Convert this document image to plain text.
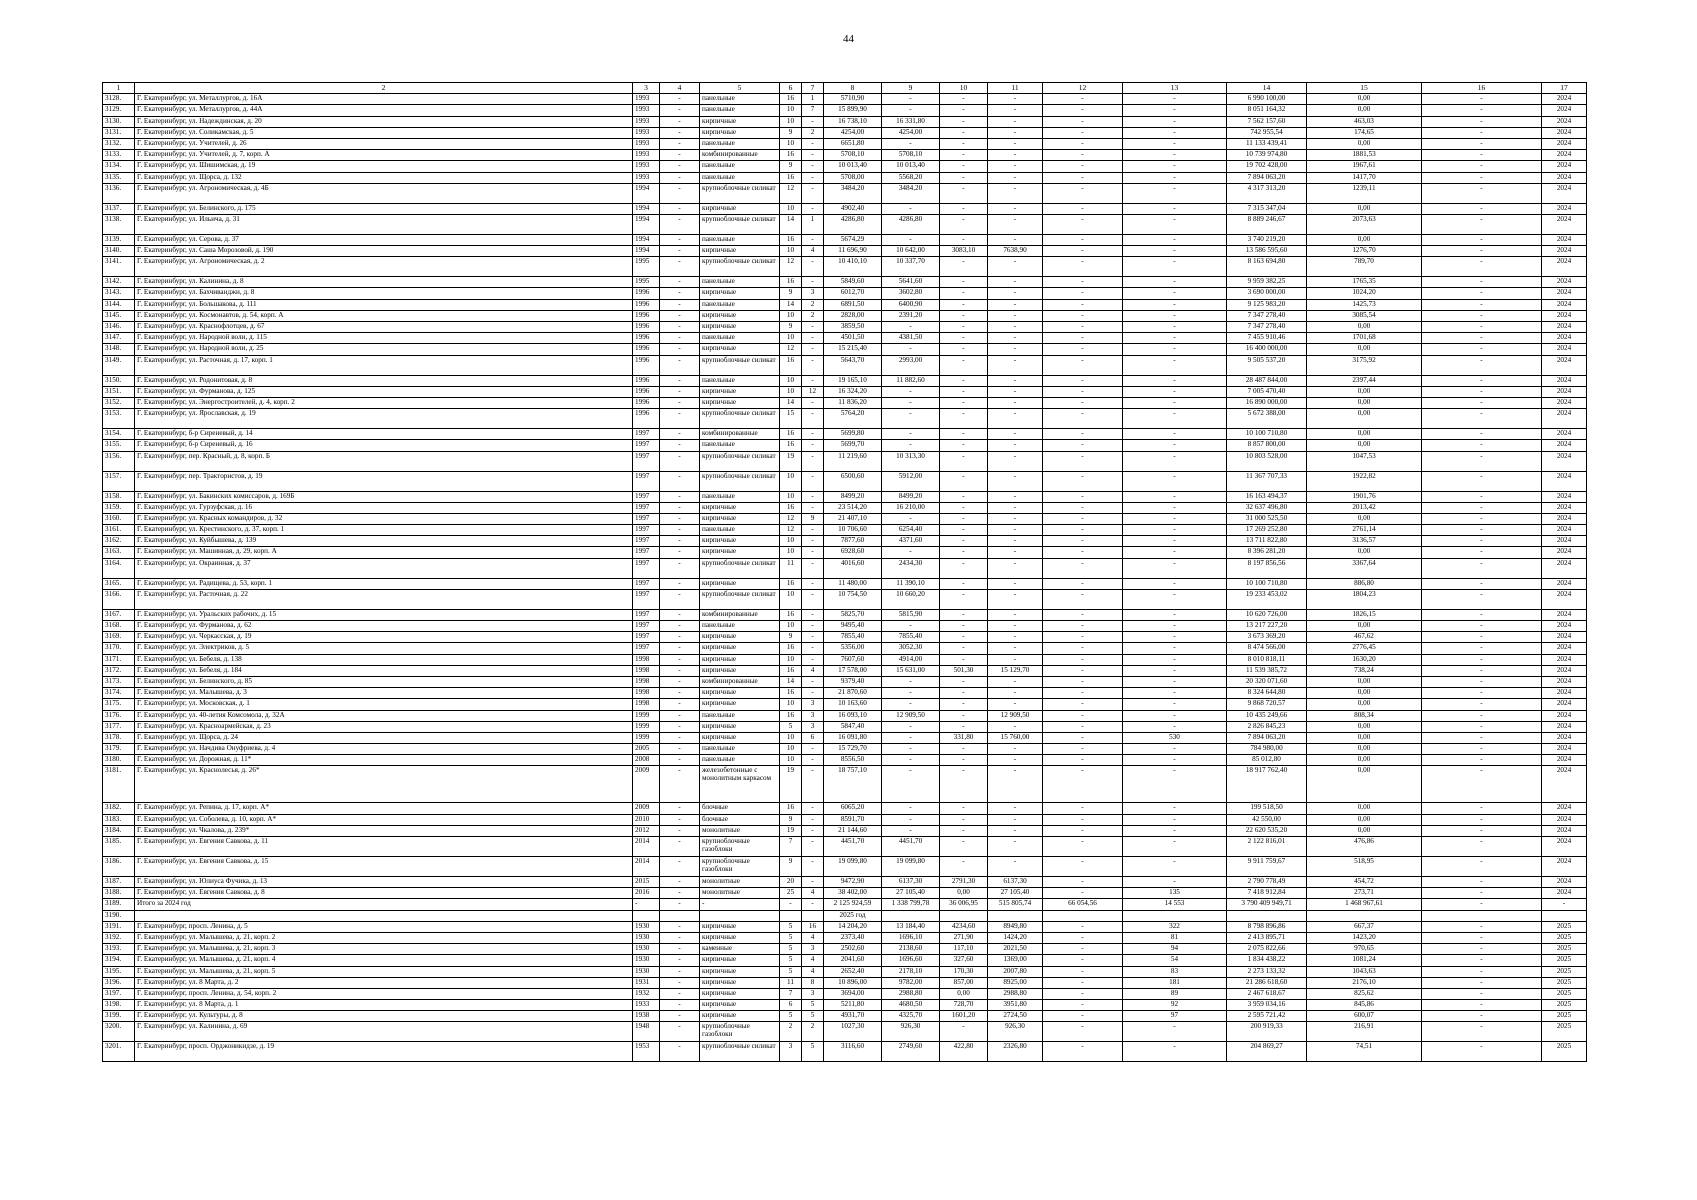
44
1	2	3	4	5	6	7	8	9	10	11	12	13	14	15	16	17
3128.	Г. Екатеринбург, ул. Металлургов, д. 16А	1993	-	панельные	16	1	5710,90	-	-	-	-	-	6 990 100,00	0,00	-	2024
3129.	Г. Екатеринбург, ул. Металлургов, д. 44А	1993	-	панельные	10	7	15 899,90	-	-	-	-	-	8 051 164,32	0,00	-	2024
3130.	Г. Екатеринбург, ул. Надеждинская, д. 20	1993	-	кирпичные	10	-	16 738,10	16 331,80	-	-	-	-	7 562 157,60	463,03	-	2024
3131.	Г. Екатеринбург, ул. Соликамская, д. 5	1993	-	кирпичные	9	2	4254,00	4254,00	-	-	-	-	742 955,54	174,65	-	2024
3132.	Г. Екатеринбург, ул. Учителей, д. 26	1993	-	панельные	10	-	6651,80	-	-	-	-	-	11 133 439,41	0,00	-	2024
3133.	Г. Екатеринбург, ул. Учителей, д. 7, корп. А	1993	-	комбинированные	16	-	5708,10	5708,10	-	-	-	-	10 739 974,80	1881,53	-	2024
3134.	Г. Екатеринбург, ул. Шишимская, д. 19	1993	-	панельные	9	-	10 013,40	10 013,40	-	-	-	-	19 702 428,00	1967,61	-	2024
3135.	Г. Екатеринбург, ул. Щорса, д. 132	1993	-	панельные	16	-	5708,00	5568,20	-	-	-	-	7 894 063,20	1417,70	-	2024
3136.	Г. Екатеринбург, ул. Агрономическая, д. 4Б	1994	-	крупноблочные силикат	12	-	3484,20	3484,20	-	-	-	-	4 317 313,20	1239,11	-	2024
3137.	Г. Екатеринбург, ул. Белинского, д. 175	1994	-	кирпичные	10	-	4902,40	-	-	-	-	-	7 315 347,04	0,00	-	2024
3138.	Г. Екатеринбург, ул. Ильича, д. 31	1994	-	крупноблочные силикат	14	1	4286,80	4286,80	-	-	-	-	8 889 246,67	2073,63	-	2024
3139.	Г. Екатеринбург, ул. Серова, д. 37	1994	-	панельные	16	-	5674,29	-	-	-	-	-	3 740 219,20	0,00	-	2024
3140.	Г. Екатеринбург, ул. Саша Морозовой, д. 190	1994	-	кирпичные	10	4	11 696,90	10 642,00	3083,10	7638,90	-	-	13 586 595,60	1276,70	-	2024
3141.	Г. Екатеринбург, ул. Агрономическая, д. 2	1995	-	крупноблочные силикат	12	-	10 410,10	10 337,70	-	-	-	-	8 163 694,80	789,70	-	2024
3142.	Г. Екатеринбург, ул. Калинина, д. 8	1995	-	панельные	16	-	5849,60	5641,60	-	-	-	-	9 959 382,25	1765,35	-	2024
3143.	Г. Екатеринбург, ул. Бахчиванджи, д. 8	1996	-	кирпичные	9	3	6012,70	3602,80	-	-	-	-	3 690 000,00	1024,20	-	2024
3144.	Г. Екатеринбург, ул. Большакова, д. 111	1996	-	панельные	14	2	6891,50	6400,90	-	-	-	-	9 125 983,20	1425,73	-	2024
3145.	Г. Екатеринбург, ул. Космонавтов, д. 54, корп. А	1996	-	кирпичные	10	2	2828,00	2391,20	-	-	-	-	7 347 278,40	3085,54	-	2024
3146.	Г. Екатеринбург, ул. Краснофлотцев, д. 67	1996	-	кирпичные	9	-	3859,50	-	-	-	-	-	7 347 278,40	0,00	-	2024
3147.	Г. Екатеринбург, ул. Народной воли, д. 115	1996	-	панельные	10	-	4501,50	4381,50	-	-	-	-	7 455 910,46	1701,68	-	2024
3148.	Г. Екатеринбург, ул. Народной воли, д. 25	1996	-	кирпичные	12	-	15 215,40	-	-	-	-	-	16 400 000,00	0,00	-	2024
3149.	Г. Екатеринбург, ул. Расточная, д. 17, корп. 1	1996	-	крупноблочные силикат	16	-	5643,70	2993,00	-	-	-	-	9 505 537,20	3175,92	-	2024
3150.	Г. Екатеринбург, ул. Родонитовая, д. 8	1996	-	панельные	10	-	19 165,10	11 882,60	-	-	-	-	28 487 844,00	2397,44	-	2024
3151.	Г. Екатеринбург, ул. Фурманова, д. 125	1996	-	кирпичные	10	12	16 324,20	-	-	-	-	-	7 005 470,40	0,00	-	2024
3152.	Г. Екатеринбург, ул. Энергостроителей, д. 4, корп. 2	1996	-	кирпичные	14	-	11 836,20	-	-	-	-	-	16 890 000,00	0,00	-	2024
3153.	Г. Екатеринбург, ул. Ярославская, д. 19	1996	-	крупноблочные силикат	15	-	5764,20	-	-	-	-	-	5 672 388,00	0,00	-	2024
3154.	Г. Екатеринбург, б-р Сиреневый, д. 14	1997	-	комбинированные	16	-	5699,80	-	-	-	-	-	10 100 710,80	0,00	-	2024
3155.	Г. Екатеринбург, б-р Сиреневый, д. 16	1997	-	панельные	16	-	5699,70	-	-	-	-	-	8 857 800,00	0,00	-	2024
3156.	Г. Екатеринбург, пер. Красный, д. 8, корп. Б	1997	-	крупноблочные силикат	19	-	11 219,60	10 313,30	-	-	-	-	10 803 528,00	1047,53	-	2024
3157.	Г. Екатеринбург, пер. Трактористов, д. 19	1997	-	крупноблочные силикат	10	-	6500,60	5912,00	-	-	-	-	11 367 707,33	1922,82	-	2024
3158.	Г. Екатеринбург, ул. Бакинских комиссаров, д. 169Б	1997	-	панельные	10	-	8499,20	8499,20	-	-	-	-	16 163 494,37	1901,76	-	2024
3159.	Г. Екатеринбург, ул. Гурзуфская, д. 16	1997	-	кирпичные	16	-	23 514,20	16 210,00	-	-	-	-	32 637 496,80	2013,42	-	2024
3160.	Г. Екатеринбург, ул. Красных командиров, д. 32	1997	-	кирпичные	12	9	21 407,10	-	-	-	-	-	31 000 525,50	0,00	-	2024
3161.	Г. Екатеринбург, ул. Крестинского, д. 37, корп. 1	1997	-	панельные	12	-	10 706,60	6254,40	-	-	-	-	17 269 252,80	2761,14	-	2024
3162.	Г. Екатеринбург, ул. Куйбышева, д. 139	1997	-	кирпичные	10	-	7877,60	4371,60	-	-	-	-	13 711 822,80	3136,57	-	2024
3163.	Г. Екатеринбург, ул. Машинная, д. 29, корп. А	1997	-	кирпичные	10	-	6928,60	-	-	-	-	-	8 396 281,20	0,00	-	2024
3164.	Г. Екатеринбург, ул. Окраинная, д. 37	1997	-	крупноблочные силикат	11	-	4016,60	2434,30	-	-	-	-	8 197 856,56	3367,64	-	2024
3165.	Г. Екатеринбург, ул. Радищева, д. 53, корп. 1	1997	-	кирпичные	16	-	11 480,00	11 390,10	-	-	-	-	10 100 710,80	886,80	-	2024
3166.	Г. Екатеринбург, ул. Расточная, д. 22	1997	-	крупноблочные силикат	10	-	10 754,50	10 660,20	-	-	-	-	19 233 453,02	1804,23	-	2024
3167.	Г. Екатеринбург, ул. Уральских рабочих, д. 15	1997	-	комбинированные	16	-	5825,70	5815,90	-	-	-	-	10 620 726,00	1826,15	-	2024
3168.	Г. Екатеринбург, ул. Фурманова, д. 62	1997	-	панельные	10	-	9495,40	-	-	-	-	-	13 217 227,20	0,00	-	2024
3169.	Г. Екатеринбург, ул. Черкасская, д. 19	1997	-	кирпичные	9	-	7855,40	7855,40	-	-	-	-	3 673 369,20	467,62	-	2024
3170.	Г. Екатеринбург, ул. Электриков, д. 5	1997	-	кирпичные	16	-	5356,00	3052,30	-	-	-	-	8 474 566,00	2776,45	-	2024
3171.	Г. Екатеринбург, ул. Бебеля, д. 138	1998	-	кирпичные	10	-	7607,60	4914,00	-	-	-	-	8 010 818,11	1630,20	-	2024
3172.	Г. Екатеринбург, ул. Бебеля, д. 184	1998	-	кирпичные	16	4	17 578,00	15 631,00	501,30	15 129,70	-	-	11 539 385,72	738,24	-	2024
3173.	Г. Екатеринбург, ул. Белинского, д. 85	1998	-	комбинированные	14	-	9379,40	-	-	-	-	-	20 320 071,60	0,00	-	2024
3174.	Г. Екатеринбург, ул. Малышева, д. 3	1998	-	кирпичные	16	-	21 870,60	-	-	-	-	-	8 324 644,80	0,00	-	2024
3175.	Г. Екатеринбург, ул. Московская, д. 1	1998	-	кирпичные	10	3	10 163,60	-	-	-	-	-	9 868 720,57	0,00	-	2024
3176.	Г. Екатеринбург, ул. 40-летия Комсомола, д. 32А	1999	-	панельные	16	3	16 093,10	12 909,50	-	12 909,50	-	-	10 435 249,66	808,34	-	2024
3177.	Г. Екатеринбург, ул. Красноармейская, д. 23	1999	-	кирпичные	5	3	5847,40	-	-	-	-	-	2 826 845,23	0,00	-	2024
3178.	Г. Екатеринбург, ул. Щорса, д. 24	1999	-	кирпичные	10	6	16 091,80	-	331,80	15 760,00	-	530	7 894 063,20	0,00	-	2024
3179.	Г. Екатеринбург, ул. Начдива Онуфриева, д. 4	2005	-	панельные	10	-	15 729,70	-	-	-	-	-	784 980,00	0,00	-	2024
3180.	Г. Екатеринбург, ул. Дорожная, д. 11*	2008	-	панельные	10	-	8556,50	-	-	-	-	-	85 012,80	0,00	-	2024
3181.	Г. Екатеринбург, ул. Краснолесья, д. 26*	2009	-	железобетонные с монолитным каркасом	19	-	18 757,10	-	-	-	-	-	18 917 762,40	0,00	-	2024
3182.	Г. Екатеринбург, ул. Репина, д. 17, корп. А*	2009	-	блочные	16	-	6065,20	-	-	-	-	-	199 518,50	0,00	-	2024
3183.	Г. Екатеринбург, ул. Соболева, д. 10, корп. А*	2010	-	блочные	9	-	8591,70	-	-	-	-	-	42 550,00	0,00	-	2024
3184.	Г. Екатеринбург, ул. Чкалова, д. 239*	2012	-	монолитные	19	-	21 144,60	-	-	-	-	-	22 620 535,20	0,00	-	2024
3185.	Г. Екатеринбург, ул. Евгения Савкова, д. 11	2014	-	крупноблочные газоблоки	7	-	4451,70	4451,70	-	-	-	-	2 122 816,01	476,86	-	2024
3186.	Г. Екатеринбург, ул. Евгения Савкова, д. 15	2014	-	крупноблочные газоблоки	9	-	19 099,80	19 099,80	-	-	-	-	9 911 759,67	518,95	-	2024
3187.	Г. Екатеринбург, ул. Юлиуса Фучика, д. 13	2015	-	монолитные	20	-	9472,90	6137,30	2791,30	6137,30	-	-	2 790 778,49	454,72	-	2024
3188.	Г. Екатеринбург, ул. Евгения Савкова, д. 8	2016	-	монолитные	25	4	38 402,00	27 105,40	0,00	27 105,40	-	135	7 418 912,84	273,71	-	2024
3189.	Итого за 2024 год	-	-	-	-	-	2 125 924,59	1 338 799,78	36 006,95	515 805,74	66 054,56	14 553	3 790 409 949,71	1 468 967,61	-	-
3190.							2025 год									
3191.	Г. Екатеринбург, просп. Ленина, д. 5	1930	-	кирпичные	5	16	14 204,20	13 184,40	4234,60	8949,80	-	322	8 798 896,86	667,37	-	2025
3192.	Г. Екатеринбург, ул. Малышева, д. 21, корп. 2	1930	-	кирпичные	5	4	2373,40	1696,10	271,90	1424,20	-	81	2 413 895,71	1423,20	-	2025
3193.	Г. Екатеринбург, ул. Малышева, д. 21, корп. 3	1930	-	каменные	5	3	2502,60	2138,60	117,10	2021,50	-	94	2 075 822,66	970,65	-	2025
3194.	Г. Екатеринбург, ул. Малышева, д. 21, корп. 4	1930	-	кирпичные	5	4	2041,60	1696,60	327,60	1369,00	-	54	1 834 438,22	1081,24	-	2025
3195.	Г. Екатеринбург, ул. Малышева, д. 21, корп. 5	1930	-	кирпичные	5	4	2652,40	2178,10	170,30	2007,80	-	83	2 273 133,32	1043,63	-	2025
3196.	Г. Екатеринбург, ул. 8 Марта, д. 2	1931	-	кирпичные	11	8	10 896,00	9782,00	857,00	8925,00	-	181	21 286 618,60	2176,10	-	2025
3197.	Г. Екатеринбург, просп. Ленина, д. 54, корп. 2	1932	-	кирпичные	7	3	3694,00	2988,80	0,00	2988,80	-	89	2 467 618,67	825,62	-	2025
3198.	Г. Екатеринбург, ул. 8 Марта, д. 1	1933	-	кирпичные	6	5	5211,80	4680,50	728,70	3951,80	-	92	3 959 034,16	845,86	-	2025
3199.	Г. Екатеринбург, ул. Культуры, д. 8	1938	-	кирпичные	5	5	4931,70	4325,70	1601,20	2724,50	-	97	2 595 721,42	600,07	-	2025
3200.	Г. Екатеринбург, ул. Калинина, д. 69	1948	-	крупноблочные газоблоки	2	2	1027,30	926,30	-	926,30	-	-	200 919,33	216,91	-	2025
3201.	Г. Екатеринбург, просп. Орджоникидзе, д. 19	1953	-	крупноблочные силикат	3	5	3116,60	2749,60	422,80	2326,80	-	-	204 869,27	74,51	-	2025
